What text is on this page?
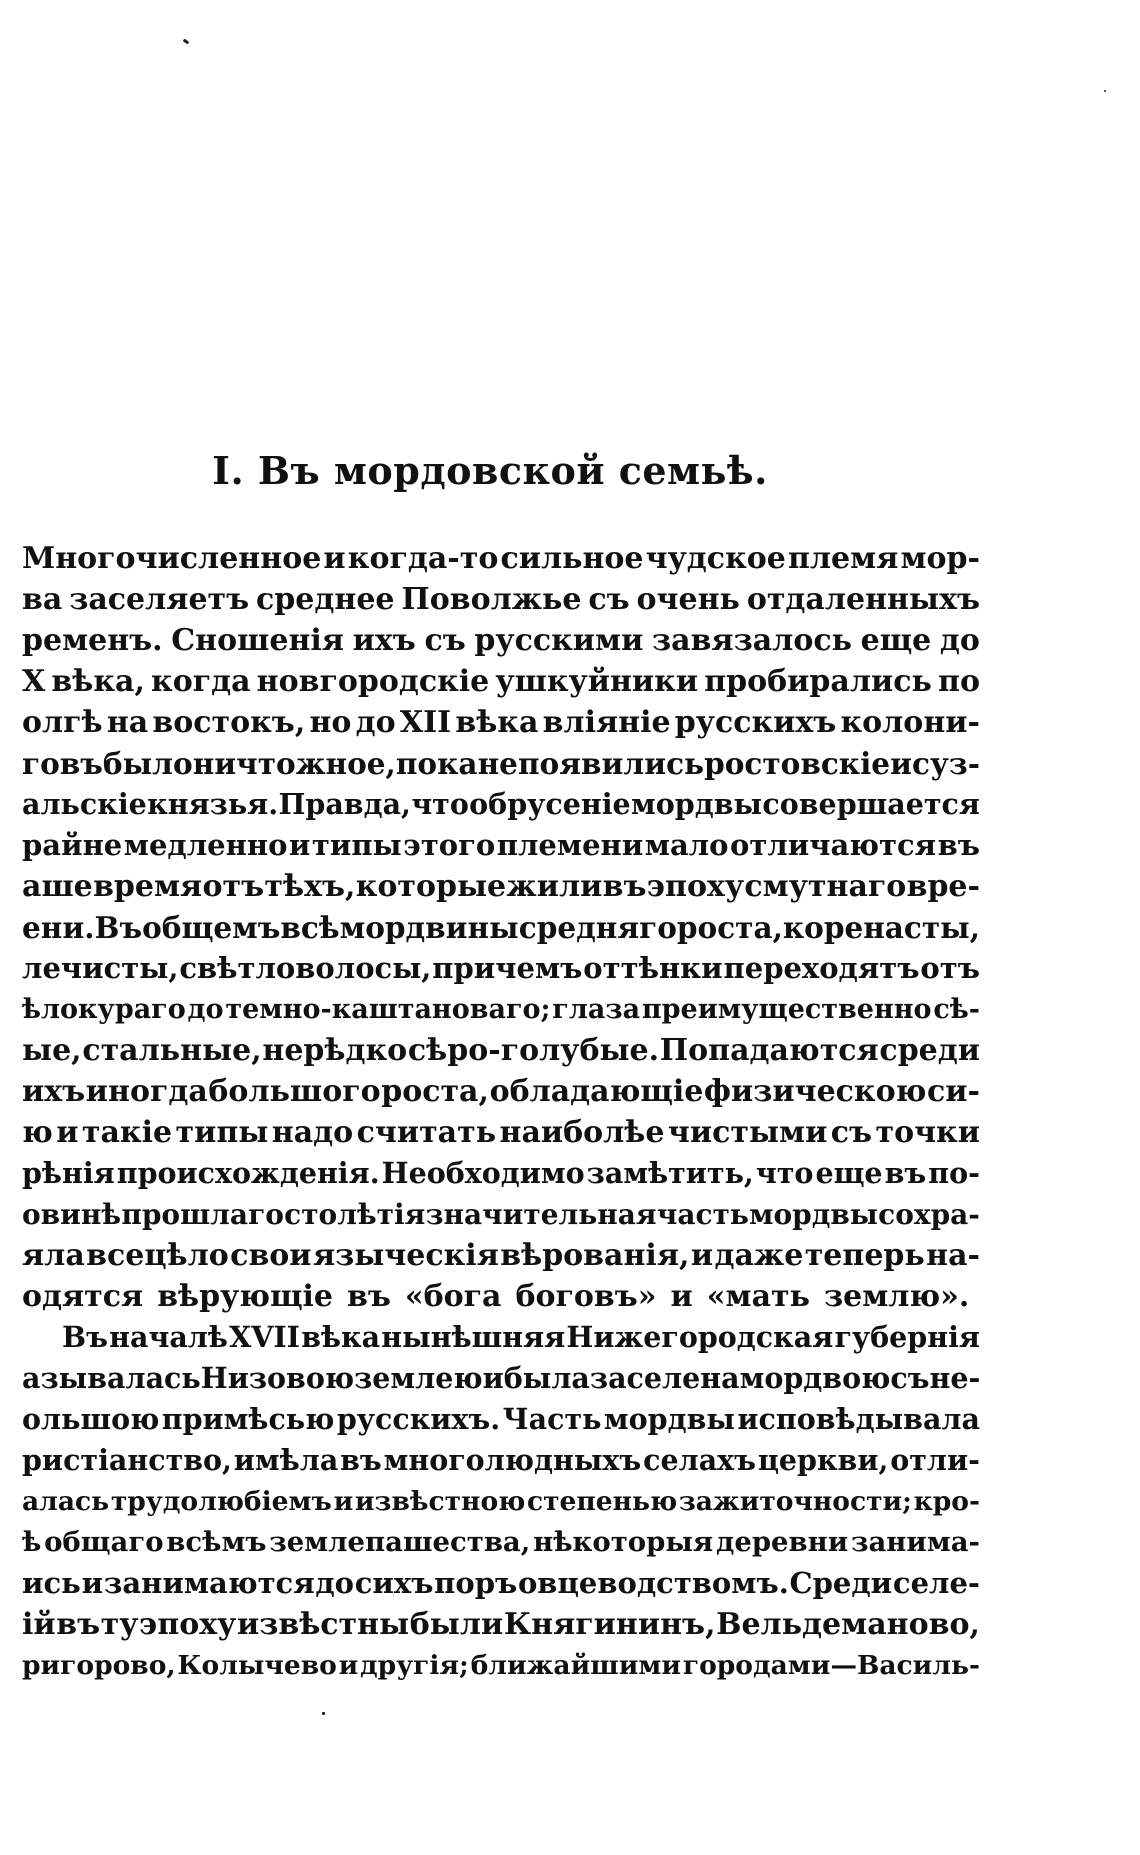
I. Въ мордовской семьѣ.
Многочисленное и когда-то сильное чудское племя мор-
ва заселяетъ среднее Поволжье съ очень отдаленныхъ
ременъ. Сношенія ихъ съ русскими завязалось еще до
Х вѣка, когда новгородскіе ушкуйники пробирались по
олгѣ на востокъ, но до XII вѣка вліяніе русскихъ колони-
говъ было ничтожное, пока не появились ростовскіе и суз-
альскіе князья. Правда, что обрусеніе мордвы совершается
райне медленно и типы этого племени мало отличаются въ
аше время отъ тѣхъ, которые жили въ эпоху смутнаго вре-
ени. Въ общемъ всѣ мордвины средняго роста, коренасты,
лечисты, свѣтловолосы, причемъ оттѣнки переходятъ отъ
ѣлокураго до темно-каштановаго; глаза преимущественно сѣ-
ые, стальные, нерѣдко сѣро-голубые. Попадаются среди
ихъ иногда большого роста, обладающіе физическою си-
ю и такіе типы надо считать наиболѣе чистыми съ точки
рѣнія происхожденія. Необходимо замѣтить, что еще въ по-
овинѣ прошлаго столѣтія значительная часть мордвы сохра-
яла всецѣло свои языческія вѣрованія, и даже теперь на-
одятся вѣрующіе въ «бога боговъ» и «мать землю».
Въ началѣ XVII вѣка нынѣшняя Нижегородская губернія
азывалась Низовою землею и была заселена мордвою съ не-
ольшою примѣсью русскихъ. Часть мордвы исповѣдывала
ристіанство, имѣла въ многолюдныхъ селахъ церкви, отли-
алась трудолюбіемъ и извѣстною степенью зажиточности; кро-
ѣ общаго всѣмъ землепашества, нѣкоторыя деревни занима-
ись и занимаются до сихъ поръ овцеводствомъ. Среди селе-
ій въ ту эпоху извѣстны были Княгининъ, Вельдеманово,
ригорово, Колычево и другія; ближайшими городами—Василь-
